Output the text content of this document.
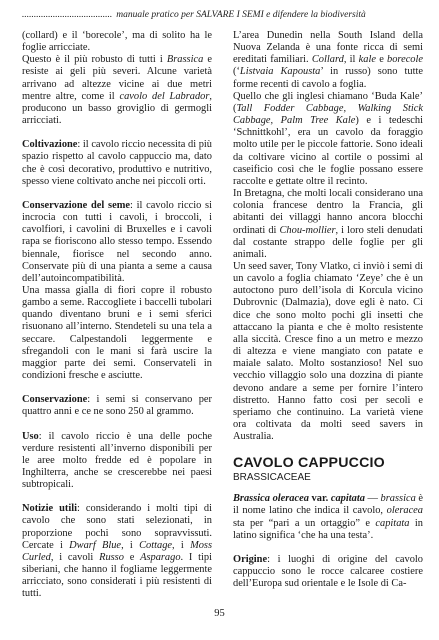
...................................... manuale pratico per SALVARE I SEMI e difendere la biodiversità

(collard) e il ‘borecole’, ma di solito ha le foglie arricciate.

Questo è il più robusto di tutti i Brassica e resiste ai geli più severi. Alcune varietà arrivano ad altezze vicine ai due metri mentre altre, come il cavolo del Labrador, producono un basso groviglio di germogli arricciati.

Coltivazione: il cavolo riccio necessita di più spazio rispetto al cavolo cappuccio ma, dato che è così decorativo, produttivo e nutritivo, spesso viene coltivato anche nei piccoli orti.

Conservazione del seme: il cavolo riccio si incrocia con tutti i cavoli, i broccoli, i cavolfiori, i cavolini di Bruxelles e i cavoli rapa se fioriscono allo stesso tempo. Essendo biennale, fiorisce nel secondo anno. Conservate più di una pianta a seme a causa dell’autoincompatibilità.

Una massa gialla di fiori copre il robusto gambo a seme. Raccogliete i baccelli tubolari quando diventano bruni e i semi sferici risuonano all’interno. Stendeteli su una tela a seccare. Calpestandoli leggermente e sfregandoli con le mani si farà uscire la maggior parte dei semi. Conservateli in condizioni fresche e asciutte.

Conservazione: i semi si conservano per quattro anni e ce ne sono 250 al grammo.

Uso: il cavolo riccio è una delle poche verdure resistenti all’inverno disponibili per le aree molto fredde ed è popolare in Inghilterra, anche se crescerebbe nei paesi subtropicali.

Notizie utili: considerando i molti tipi di cavolo che sono stati selezionati, in proporzione pochi sono sopravvissuti. Cercate i Dwarf Blue, i Cottage, i Moss Curled, i cavoli Russo e Asparago. I tipi siberiani, che hanno il fogliame leggermente arricciato, sono considerati i più resistenti di tutti.

L’area Dunedin nella South Island della Nuova Zelanda è una fonte ricca di semi ereditati familiari. Collard, il kale e borecole (‘Listvaia Kapousta’ in russo) sono tutte forme recenti di cavolo a foglia.

Quello che gli inglesi chiamano ‘Buda Kale’ (Tall Fodder Cabbage, Walking Stick Cabbage, Palm Tree Kale) e i tedeschi ‘Schnittkohl’, era un cavolo da foraggio molto utile per le piccole fattorie. Sono ideali da coltivare vicino al cortile o possimi al caseificio così che le foglie possano essere raccolte e gettate oltre il recinto.

In Bretagna, che molti locali considerano una colonia francese dentro la Francia, gli abitanti dei villaggi hanno ancora blocchi ordinati di Chou-mollier, i loro steli denudati dal costante strappo delle foglie per gli animali.

Un seed saver, Tony Vlatko, ci inviò i semi di un cavolo a foglia chiamato ‘Zeye’ che è un autoctono puro dell’isola di Korcula vicino Dubrovnic (Dalmazia), dove egli è nato. Ci dice che sono molto pochi gli insetti che attaccano la pianta e che è molto resistente alla siccità. Cresce fino a un metro e mezzo di altezza e viene mangiato con patate e maiale salato. Molto sostanzioso! Nel suo vecchio villaggio solo una dozzina di piante devono andare a seme per fornire l’intero distretto. Hanno fatto così per secoli e speriamo che continuino. La varietà viene ora coltivata da molti seed savers in Australia.

CAVOLO CAPPUCCIO
BRASSICACEAE

Brassica oleracea var. capitata — brassica è il nome latino che indica il cavolo, oleracea sta per “pari a un ortaggio” e capitata in latino significa ‘che ha una testa’.

Origine: i luoghi di origine del cavolo cappuccio sono le rocce calcaree costiere dell’Europa sud orientale e le Isole di Ca-

95
